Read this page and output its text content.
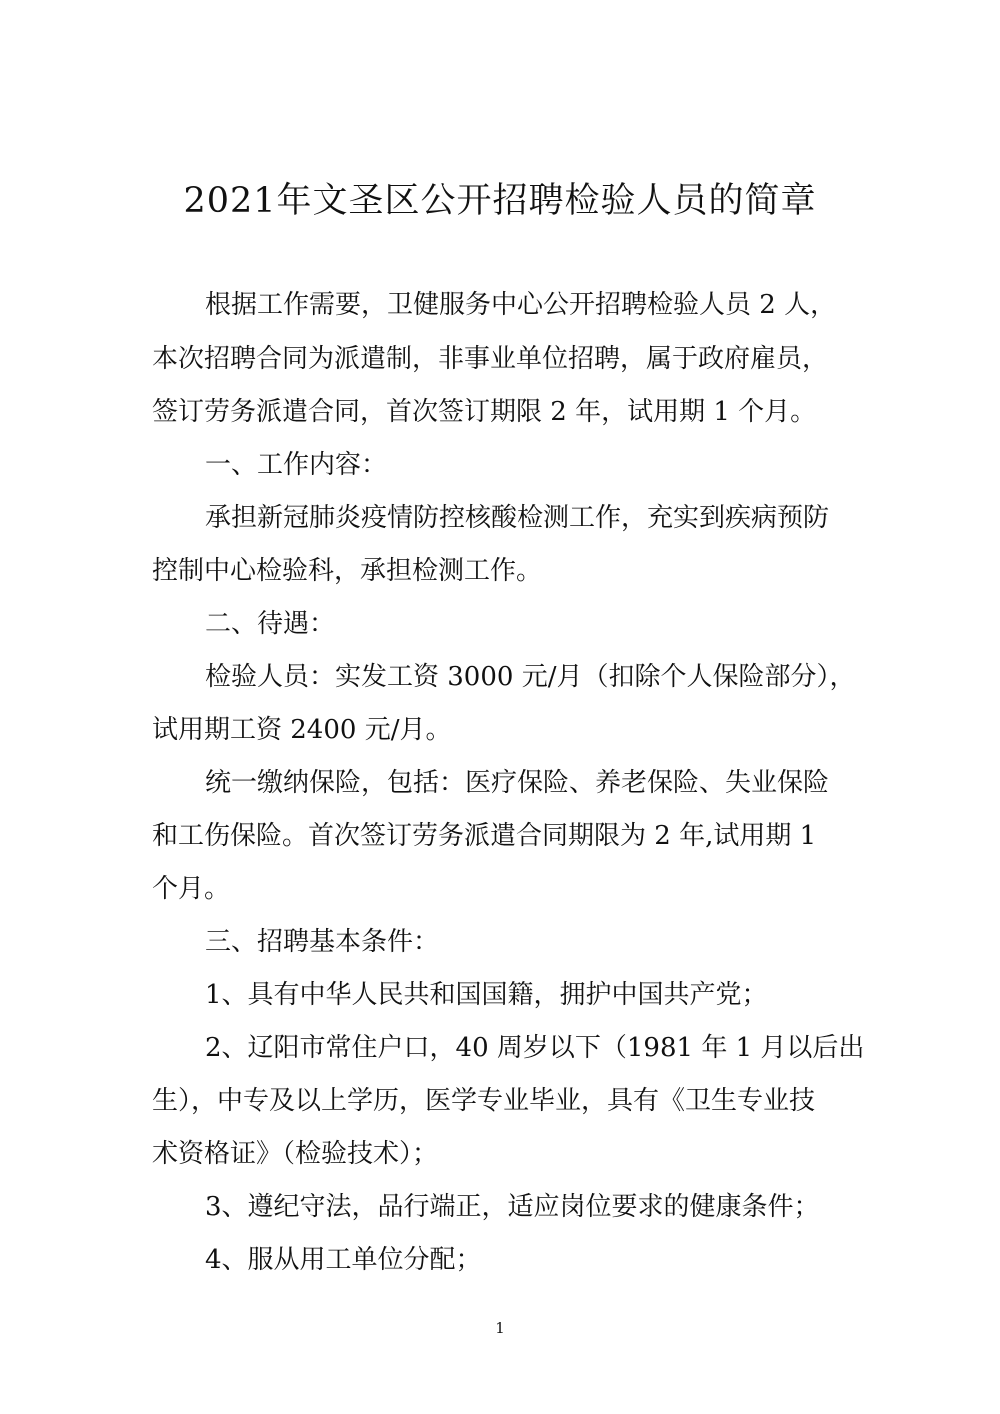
2021年文圣区公开招聘检验人员的简章
根据工作需要，卫健服务中心公开招聘检验人员 2 人，
本次招聘合同为派遣制，非事业单位招聘，属于政府雇员，
签订劳务派遣合同，首次签订期限 2 年，试用期 1 个月。
一、工作内容：
承担新冠肺炎疫情防控核酸检测工作，充实到疾病预防
控制中心检验科，承担检测工作。
二、待遇：
检验人员：实发工资 3000 元/月（扣除个人保险部分），
试用期工资 2400 元/月。
统一缴纳保险，包括：医疗保险、养老保险、失业保险
和工伤保险。首次签订劳务派遣合同期限为 2 年,试用期 1
个月。
三、招聘基本条件：
1、具有中华人民共和国国籍，拥护中国共产党；
2、辽阳市常住户口，40 周岁以下（1981 年 1 月以后出
生），中专及以上学历，医学专业毕业，具有《卫生专业技
术资格证》（检验技术）；
3、遵纪守法，品行端正，适应岗位要求的健康条件；
4、服从用工单位分配；
1
